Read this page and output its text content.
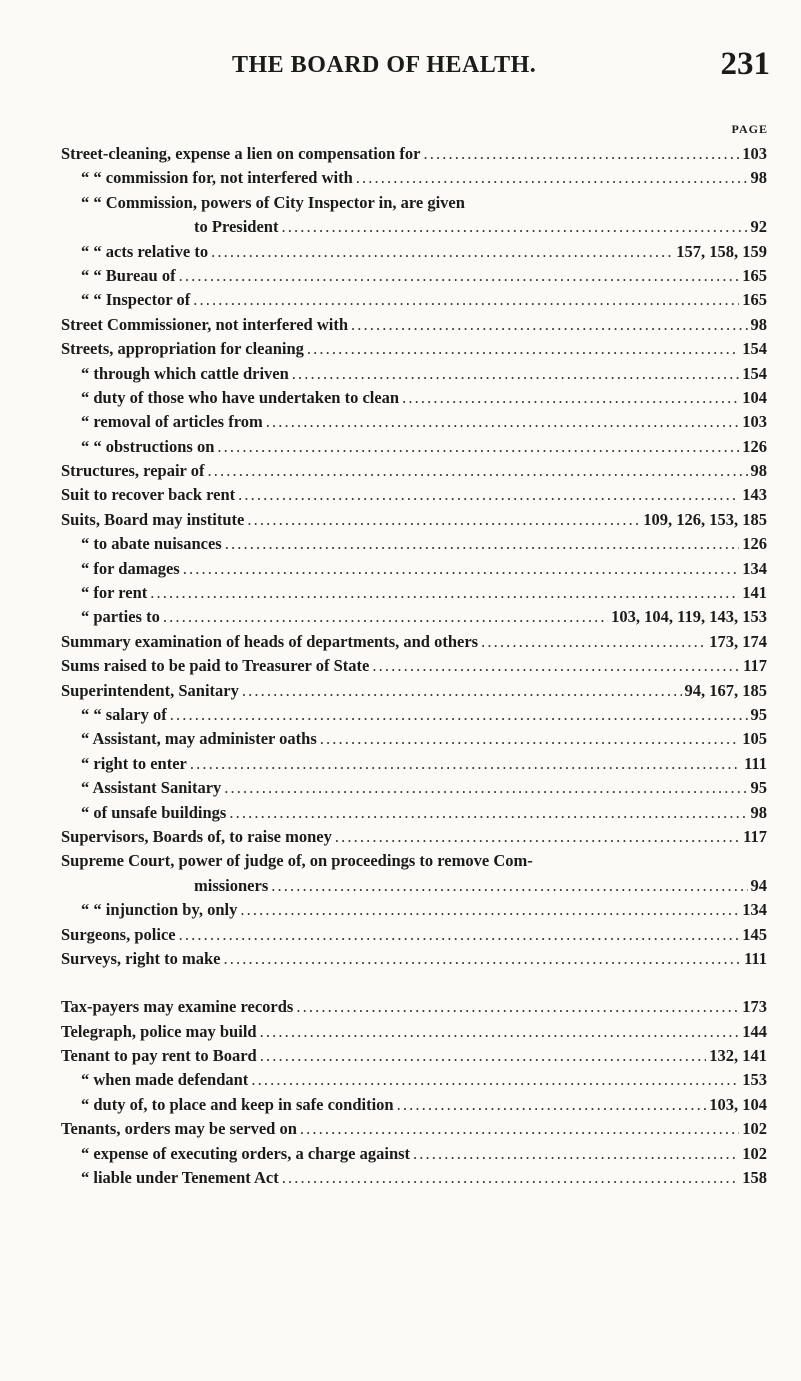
THE BOARD OF HEALTH.	231
PAGE
Street-cleaning, expense a lien on compensation for . . .	103
“ “ commission for, not interfered with . . .	98
“ “ Commission, powers of City Inspector in, are given
to President . . .	92
“ “ acts relative to . . .	157, 158, 159
“ “ Bureau of . . .	165
“ “ Inspector of . . .	165
Street Commissioner, not interfered with . . .	98
Streets, appropriation for cleaning . . .	154
“ through which cattle driven . . .	154
“ duty of those who have undertaken to clean . . .	104
“ removal of articles from . . .	103
“ “ obstructions on . . .	126
Structures, repair of . . .	98
Suit to recover back rent . . .	143
Suits, Board may institute . . .	109, 126, 153, 185
“ to abate nuisances . . .	126
“ for damages . . .	134
“ for rent . . .	141
“ parties to . . .	103, 104, 119, 143, 153
Summary examination of heads of departments, and others . . .	173, 174
Sums raised to be paid to Treasurer of State . . .	117
Superintendent, Sanitary . . .	94, 167, 185
“ “ salary of . . .	95
“ Assistant, may administer oaths . . .	105
“ right to enter . . .	111
“ Assistant Sanitary . . .	95
“ of unsafe buildings . . .	98
Supervisors, Boards of, to raise money . . .	117
Supreme Court, power of judge of, on proceedings to remove Com-
missioners . . .	94
“ “ injunction by, only . . .	134
Surgeons, police . . .	145
Surveys, right to make . . .	111
Tax-payers may examine records . . .	173
Telegraph, police may build . . .	144
Tenant to pay rent to Board . . .	132, 141
“ when made defendant . . .	153
“ duty of, to place and keep in safe condition . . .	103, 104
Tenants, orders may be served on . . .	102
“ expense of executing orders, a charge against . . .	102
“ liable under Tenement Act . . .	158
